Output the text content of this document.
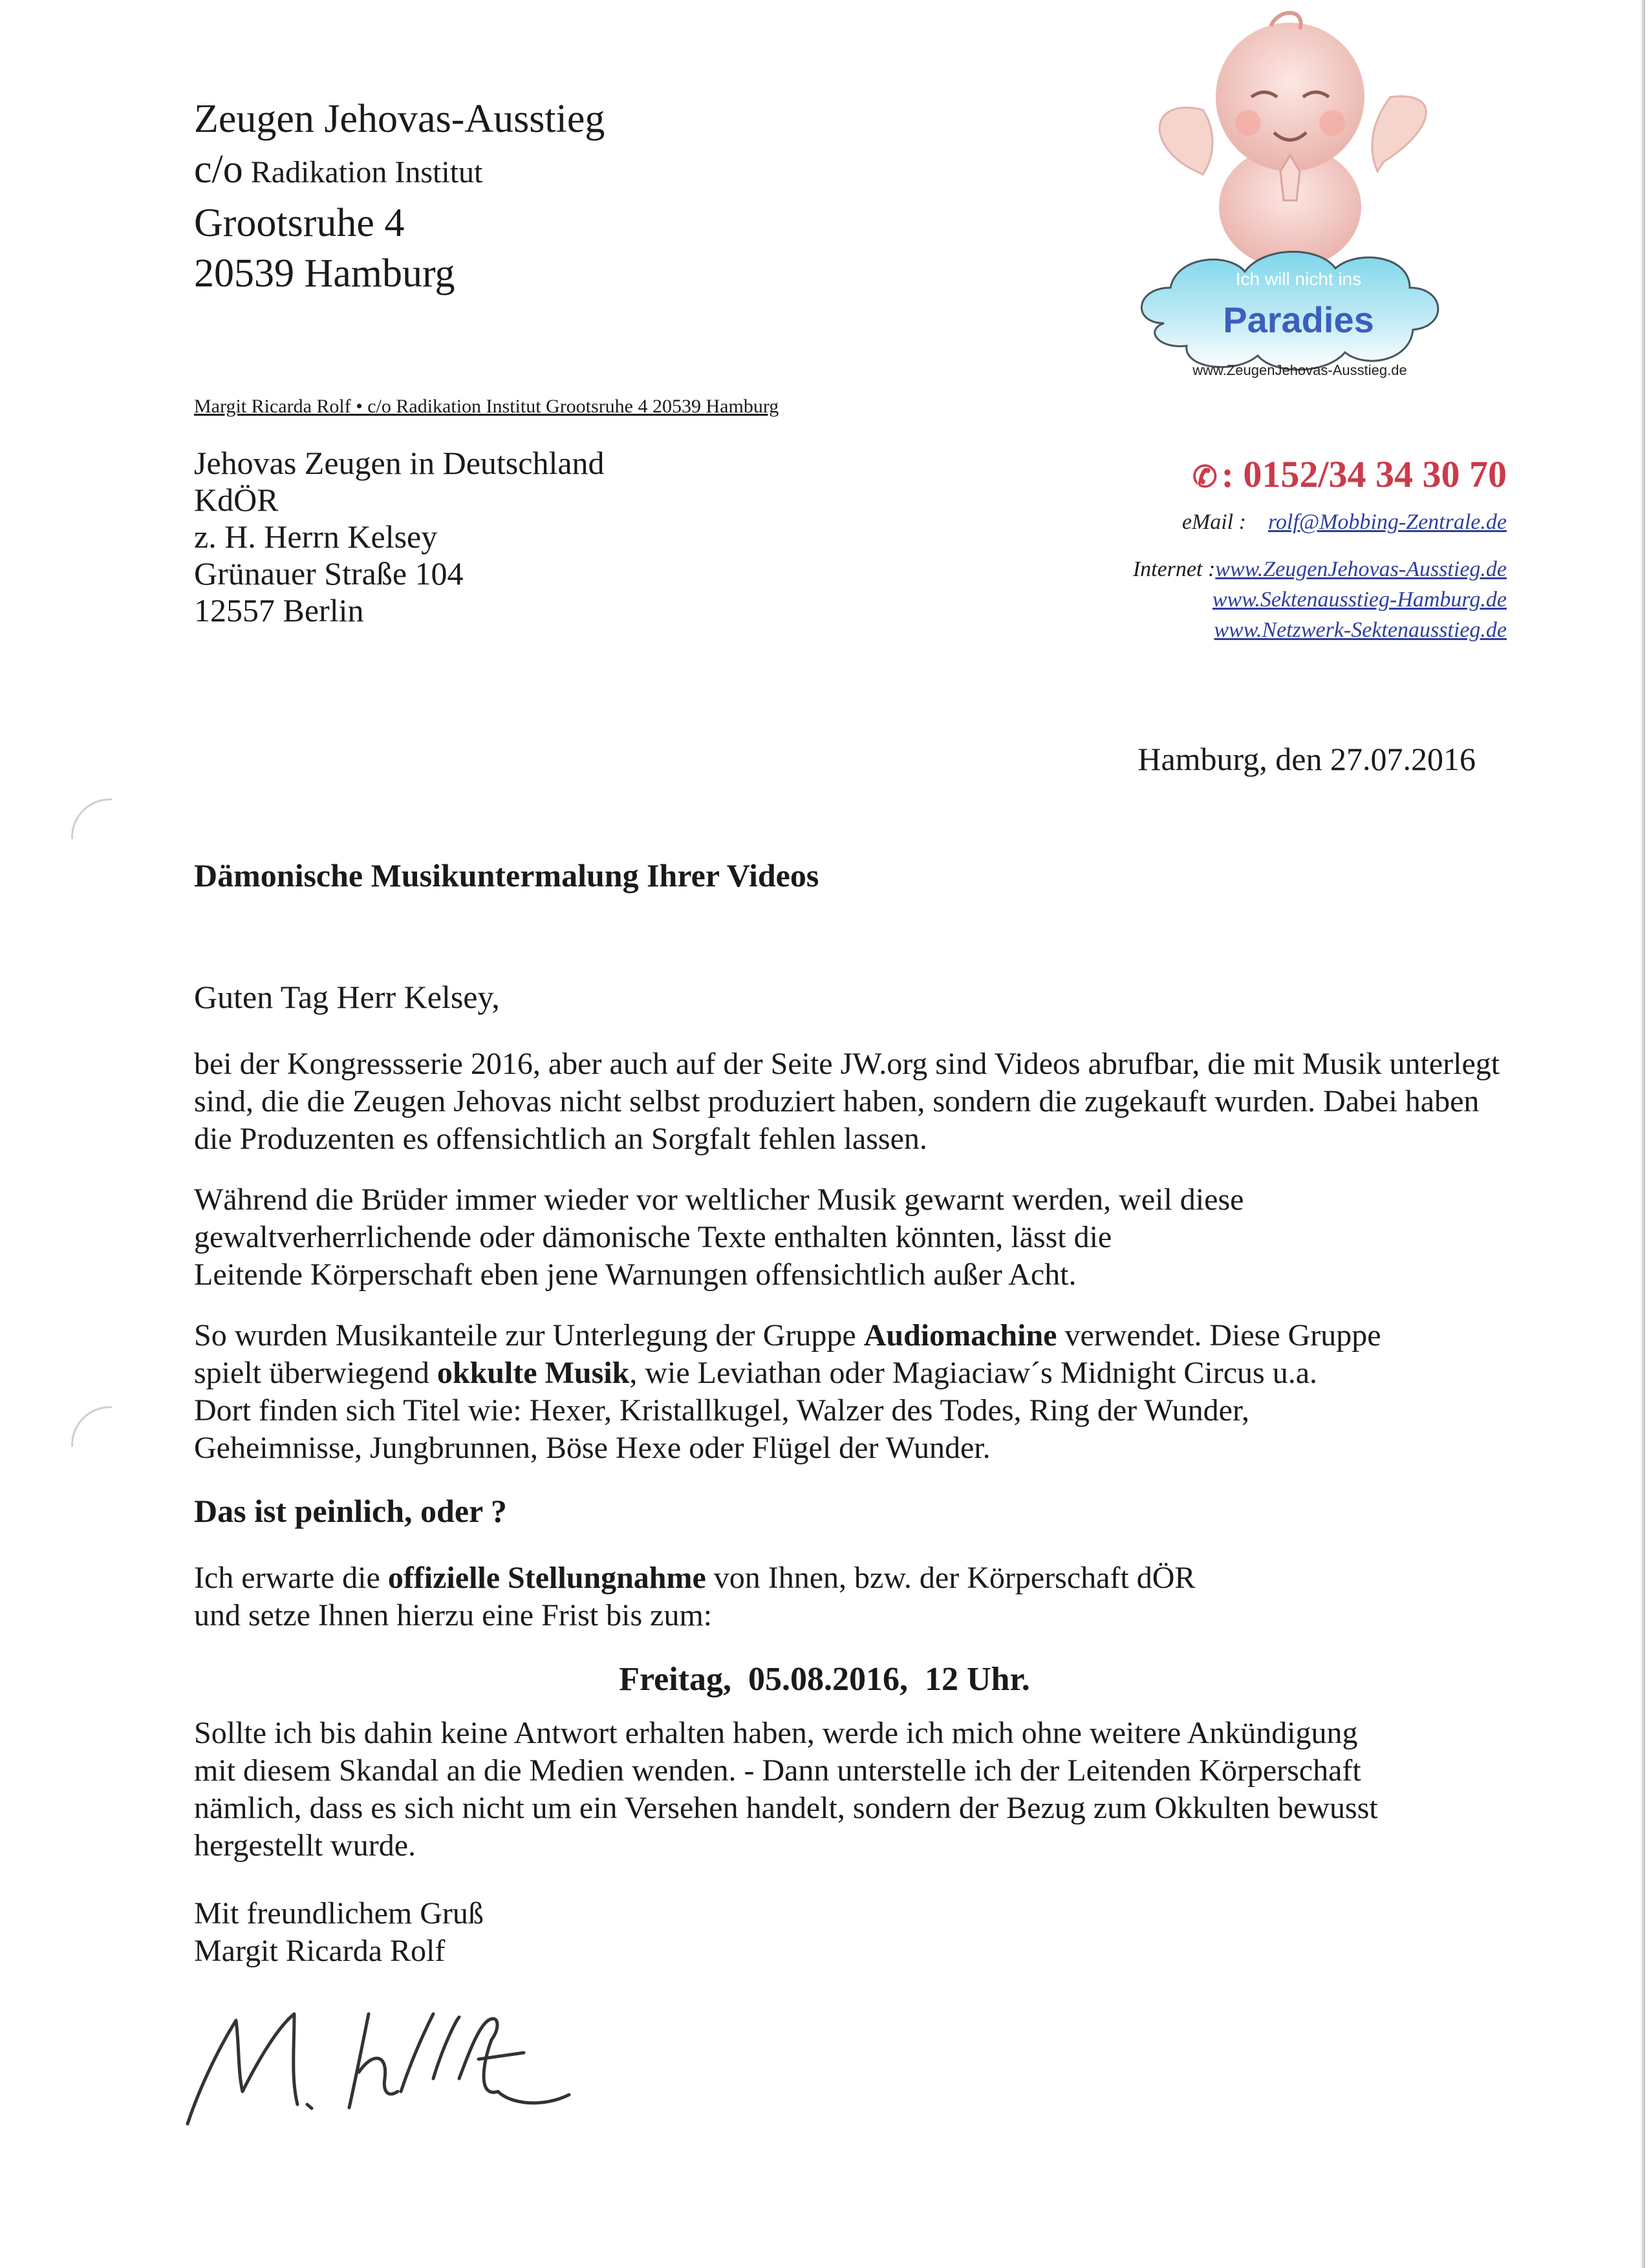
Zeugen Jehovas-Ausstieg
c/o Radikation Institut
Grootsruhe 4
20539 Hamburg	Ich will nicht ins
Paradies
www.ZeugenJehovas-Ausstieg.de
Margit Ricarda Rolf • c/o Radikation Institut Grootsruhe 4 20539 Hamburg
Jehovas Zeugen in Deutschland
KdÖR
z. H. Herrn Kelsey
Grünauer Straße 104
12557 Berlin
✆ : 0152/34 34 30 70
eMail : rolf@Mobbing-Zentrale.de
Internet :www.ZeugenJehovas-Ausstieg.de
www.Sektenausstieg-Hamburg.de
www.Netzwerk-Sektenausstieg.de
Hamburg, den 27.07.2016
Dämonische Musikuntermalung Ihrer Videos
Guten Tag Herr Kelsey,

bei der Kongressserie 2016, aber auch auf der Seite JW.org sind Videos abrufbar, die mit Musik unterlegt sind, die die Zeugen Jehovas nicht selbst produziert haben, sondern die zugekauft wurden. Dabei haben die Produzenten es offensichtlich an Sorgfalt fehlen lassen.

Während die Brüder immer wieder vor weltlicher Musik gewarnt werden, weil diese
gewaltverherrlichende oder dämonische Texte enthalten könnten, lässt die
Leitende Körperschaft eben jene Warnungen offensichtlich außer Acht.
So wurden Musikanteile zur Unterlegung der Gruppe Audiomachine verwendet. Diese Gruppe
spielt überwiegend okkulte Musik, wie Leviathan oder Magiaciaw´s Midnight Circus u.a.
Dort finden sich Titel wie: Hexer, Kristallkugel, Walzer des Todes, Ring der Wunder,
Geheimnisse, Jungbrunnen, Böse Hexe oder Flügel der Wunder.
Das ist peinlich, oder ?
Ich erwarte die offizielle Stellungnahme von Ihnen, bzw. der Körperschaft dÖR
und setze Ihnen hierzu eine Frist bis zum:
Freitag,  05.08.2016,  12 Uhr.
Sollte ich bis dahin keine Antwort erhalten haben, werde ich mich ohne weitere Ankündigung
mit diesem Skandal an die Medien wenden. - Dann unterstelle ich der Leitenden Körperschaft
nämlich, dass es sich nicht um ein Versehen handelt, sondern der Bezug zum Okkulten bewusst
hergestellt wurde.
Mit freundlichem Gruß
Margit Ricarda Rolf
